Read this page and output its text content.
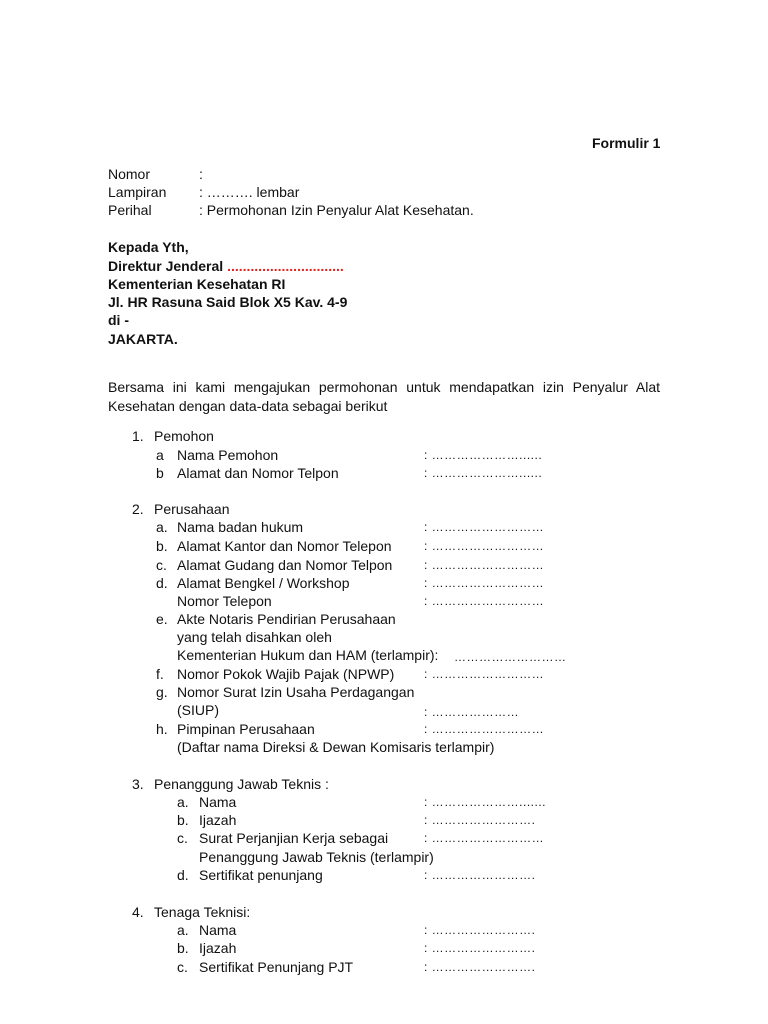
Formulir 1
Nomor	:
Lampiran : ………. lembar
Perihal	: Permohonan Izin Penyalur Alat Kesehatan.
Kepada Yth,
Direktur Jenderal ..............................
Kementerian Kesehatan RI
Jl. HR Rasuna Said Blok X5 Kav. 4-9
di -
JAKARTA.
Bersama ini kami mengajukan permohonan untuk mendapatkan izin Penyalur Alat
Kesehatan dengan data-data sebagai berikut
1. Pemohon
a Nama Pemohon	: …………………......
b Alamat dan Nomor Telpon	: …………………......
2. Perusahaan
a. Nama badan hukum	: ………………………
b. Alamat Kantor dan Nomor Telepon	: ………………………
c. Alamat Gudang dan Nomor Telpon	: ………………………
d. Alamat Bengkel / Workshop	: ………………………
Nomor Telepon	: ………………………
e. Akte Notaris Pendirian Perusahaan
yang telah disahkan oleh
Kementerian Hukum dan HAM (terlampir): ………………………
f. Nomor Pokok Wajib Pajak (NPWP) : ………………………
g. Nomor Surat Izin Usaha Perdagangan
(SIUP)	: …………………
h. Pimpinan Perusahaan	: ………………………
(Daftar nama Direksi & Dewan Komisaris terlampir)
3. Penanggung Jawab Teknis :
a. Nama	: ………………….......
b. Ijazah	: …………………….
c. Surat Perjanjian Kerja sebagai	: ………………………
Penanggung Jawab Teknis (terlampir)
d. Sertifikat penunjang	: …………………….
4. Tenaga Teknisi:
a. Nama	: …………………….
b. Ijazah	: …………………….
c. Sertifikat Penunjang PJT	: …………………….
